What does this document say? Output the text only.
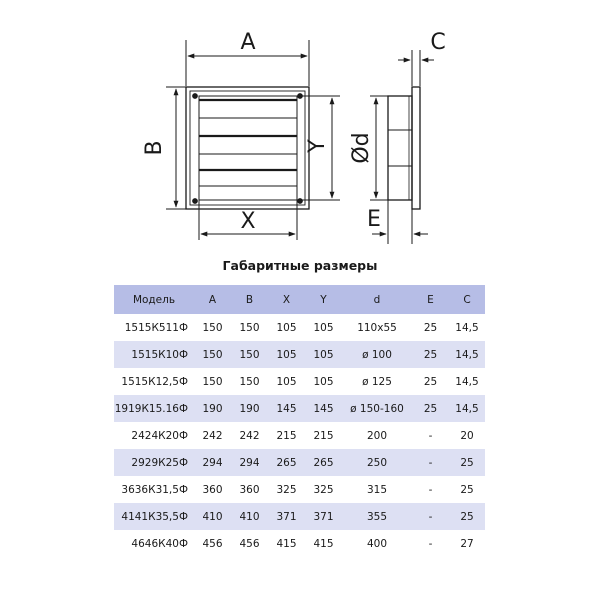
A
B
X
Y
C
Ød
E
Габаритные размеры
Модель	A	B	X	Y	d	E	C
1515К511Ф	150	150	105	105	110х55	25	14,5
1515К10Ф	150	150	105	105	ø 100	25	14,5
1515К12,5Ф	150	150	105	105	ø 125	25	14,5
1919К15.16Ф	190	190	145	145	ø 150-160	25	14,5
2424К20Ф	242	242	215	215	200	-	20
2929К25Ф	294	294	265	265	250	-	25
3636К31,5Ф	360	360	325	325	315	-	25
4141К35,5Ф	410	410	371	371	355	-	25
4646К40Ф	456	456	415	415	400	-	27
